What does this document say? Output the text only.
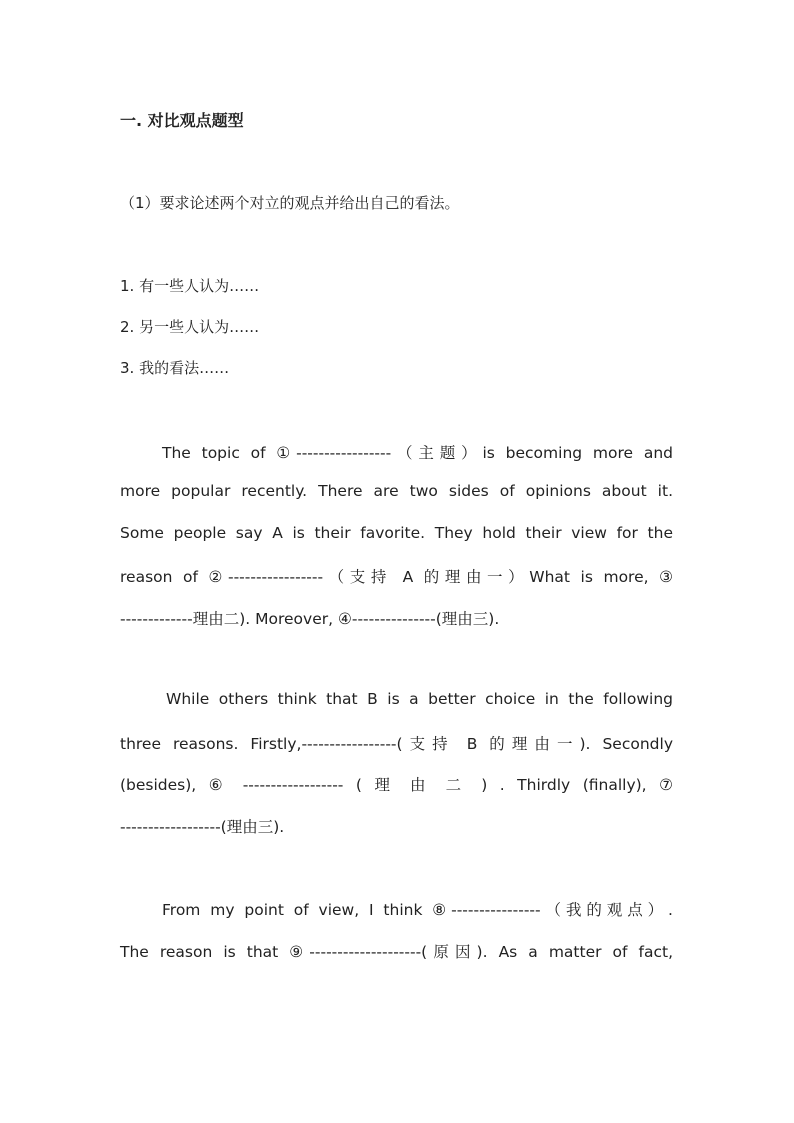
一. 对比观点题型
（1）要求论述两个对立的观点并给出自己的看法。
1. 有一些人认为……
2. 另一些人认为……
3. 我的看法……
The topic of ①-----------------（主题）is becoming more and
more popular recently. There are two sides of opinions about it.
Some people say A is their favorite. They hold their view for the
reason of ②-----------------（支持 A 的理由一）What is more, ③
-------------理由二). Moreover, ④---------------(理由三).
While others think that B is a better choice in the following
three reasons. Firstly,-----------------(支持 B 的理由一). Secondly
(besides), ⑥ ------------------ ( 理 由 二 ) . Thirdly (finally), ⑦
------------------(理由三).
From my point of view, I think ⑧----------------（我的观点）.
The reason is that ⑨--------------------(原因). As a matter of fact,
